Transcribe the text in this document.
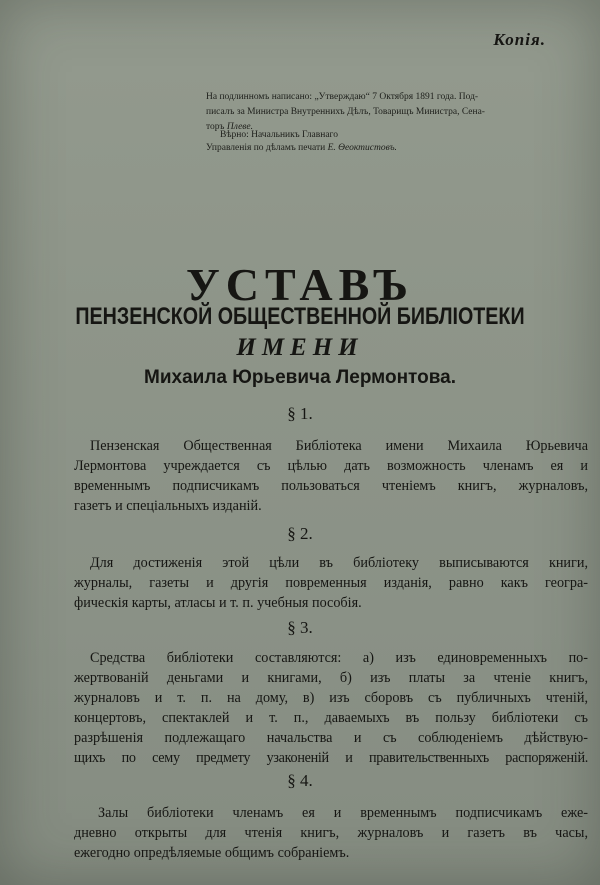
Копія.
На подлинномъ написано: „Утверждаю“ 7 Октября 1891 года. Под-
писалъ за Министра Внутреннихъ Дѣлъ, Товарищъ Министра, Сена-
торъ Плеве.
Вѣрно: Начальникъ Главнаго
Управленія по дѣламъ печати Е. Ѳеоктистовъ.
УСТАВЪ
ПЕНЗЕНСКОЙ ОБЩЕСТВЕННОЙ БИБЛІОТЕКИ
ИМЕНИ
Михаила Юрьевича Лермонтова.
§ 1.
Пензенская Общественная Библіотека имени Михаила Юрьевича
Лермонтова учреждается съ цѣлью дать возможность членамъ ея и
временнымъ подписчикамъ пользоваться чтеніемъ книгъ, журналовъ,
газетъ и спеціальныхъ изданій.
§ 2.
Для достиженія этой цѣли въ библіотеку выписываются книги,
журналы, газеты и другія повременныя изданія, равно какъ геогра-
фическія карты, атласы и т. п. учебныя пособія.
§ 3.
Средства библіотеки составляются: а) изъ единовременныхъ по-
жертвованій деньгами и книгами, б) изъ платы за чтеніе книгъ,
журналовъ и т. п. на дому, в) изъ сборовъ съ публичныхъ чтеній,
концертовъ, спектаклей и т. п., даваемыхъ въ пользу библіотеки съ
разрѣшенія подлежащаго начальства и съ соблюденіемъ дѣйствую-
щихъ по сему предмету узаконеній и правительственныхъ распоряженій.
§ 4.
Залы библіотеки членамъ ея и временнымъ подписчикамъ еже-
дневно открыты для чтенія книгъ, журналовъ и газетъ въ часы,
ежегодно опредѣляемые общимъ собраніемъ.
